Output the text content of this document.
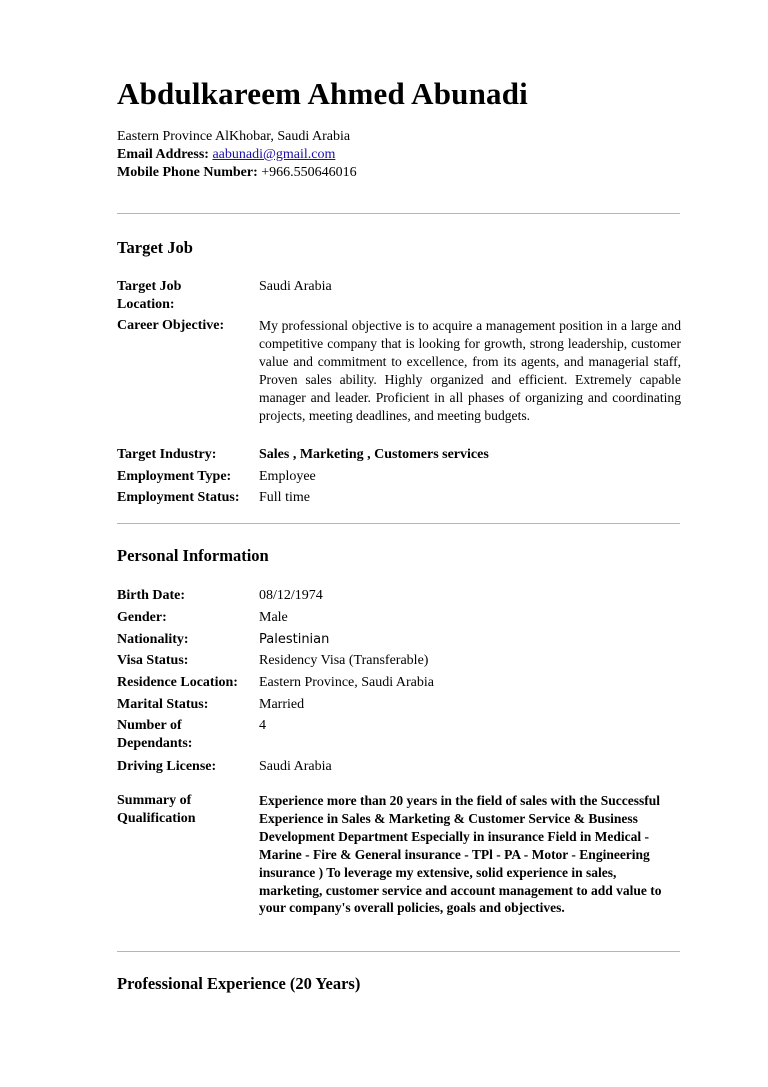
Abdulkareem Ahmed Abunadi
Eastern Province AlKhobar, Saudi Arabia
Email Address: aabunadi@gmail.com
Mobile Phone Number: +966.550646016
Target Job
Target Job Location:
Saudi Arabia
Career Objective:	My professional objective is to acquire a management position in a large and competitive company that is looking for growth, strong leadership, customer value and commitment to excellence, from its agents, and managerial staff, Proven sales ability. Highly organized and efficient. Extremely capable manager and leader. Proficient in all phases of organizing and coordinating projects, meeting deadlines, and meeting budgets.
Target Industry:	Sales , Marketing , Customers services
Employment Type:	Employee
Employment Status:	Full time
Personal Information
Birth Date:	08/12/1974
Gender:	Male
Nationality:	Palestinian
Visa Status:	Residency Visa (Transferable)
Residence Location:	Eastern Province, Saudi Arabia
Marital Status:	Married
Number of Dependants:
4
Driving License:	Saudi Arabia
Summary of Qualification
Experience more than 20 years in the field of sales with the Successful Experience in Sales & Marketing & Customer Service & Business Development Department Especially in insurance Field in Medical - Marine - Fire & General insurance - TPl - PA - Motor - Engineering insurance ) To leverage my extensive, solid experience in sales, marketing, customer service and account management to add value to your company's overall policies, goals and objectives.
Professional Experience (20 Years)
